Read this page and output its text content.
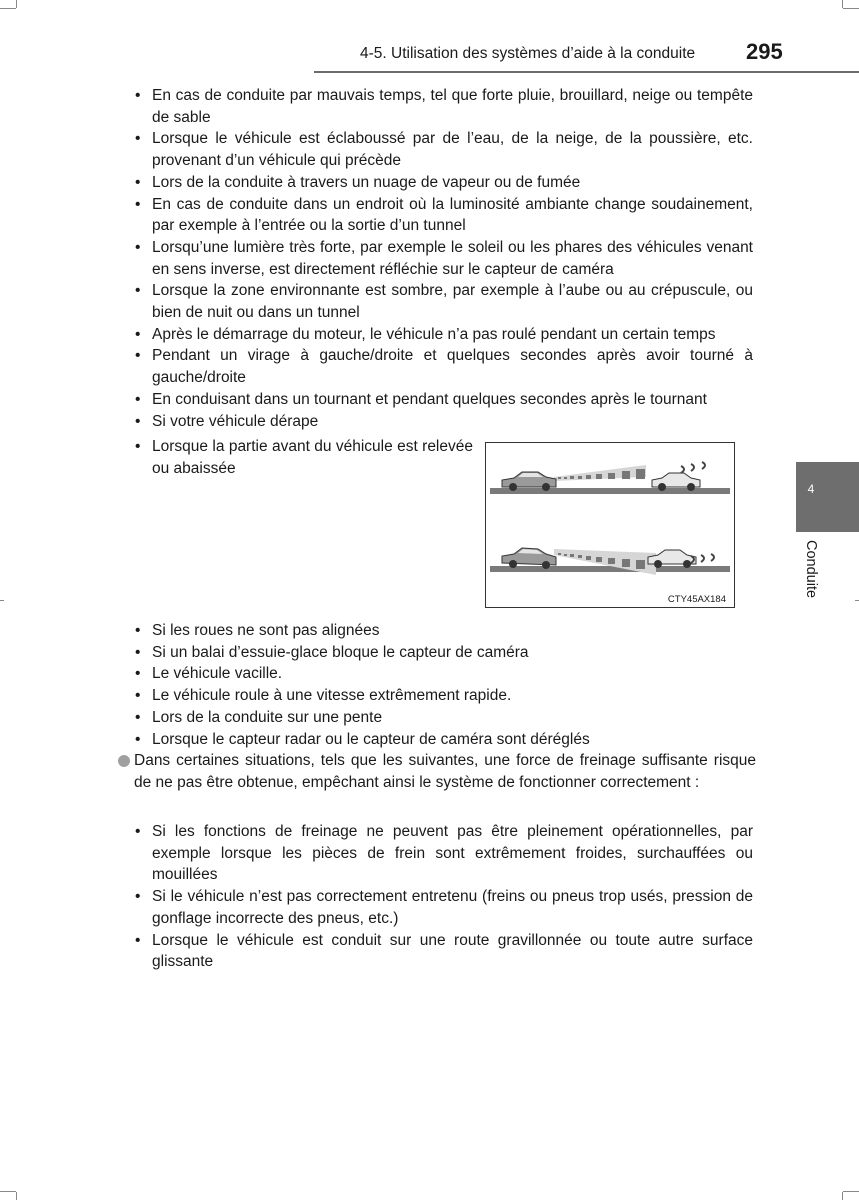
4-5. Utilisation des systèmes d’aide à la conduite 295
4
Conduite
• En cas de conduite par mauvais temps, tel que forte pluie, brouillard, neige ou tempête de sable
• Lorsque le véhicule est éclaboussé par de l’eau, de la neige, de la poussière, etc. provenant d’un véhicule qui précède
• Lors de la conduite à travers un nuage de vapeur ou de fumée
• En cas de conduite dans un endroit où la luminosité ambiante change soudainement, par exemple à l’entrée ou la sortie d’un tunnel
• Lorsqu’une lumière très forte, par exemple le soleil ou les phares des véhicules venant en sens inverse, est directement réfléchie sur le capteur de caméra
• Lorsque la zone environnante est sombre, par exemple à l’aube ou au crépuscule, ou bien de nuit ou dans un tunnel
• Après le démarrage du moteur, le véhicule n’a pas roulé pendant un certain temps
• Pendant un virage à gauche/droite et quelques secondes après avoir tourné à gauche/droite
• En conduisant dans un tournant et pendant quelques secondes après le tournant
• Si votre véhicule dérape
• Lorsque la partie avant du véhicule est relevée ou abaissée
CTY45AX184
• Si les roues ne sont pas alignées
• Si un balai d’essuie-glace bloque le capteur de caméra
• Le véhicule vacille.
• Le véhicule roule à une vitesse extrêmement rapide.
• Lors de la conduite sur une pente
• Lorsque le capteur radar ou le capteur de caméra sont déréglés
Dans certaines situations, tels que les suivantes, une force de freinage suffisante risque de ne pas être obtenue, empêchant ainsi le système de fonctionner correctement :
• Si les fonctions de freinage ne peuvent pas être pleinement opérationnelles, par exemple lorsque les pièces de frein sont extrêmement froides, surchauffées ou mouillées
• Si le véhicule n’est pas correctement entretenu (freins ou pneus trop usés, pression de gonflage incorrecte des pneus, etc.)
• Lorsque le véhicule est conduit sur une route gravillonnée ou toute autre surface glissante
